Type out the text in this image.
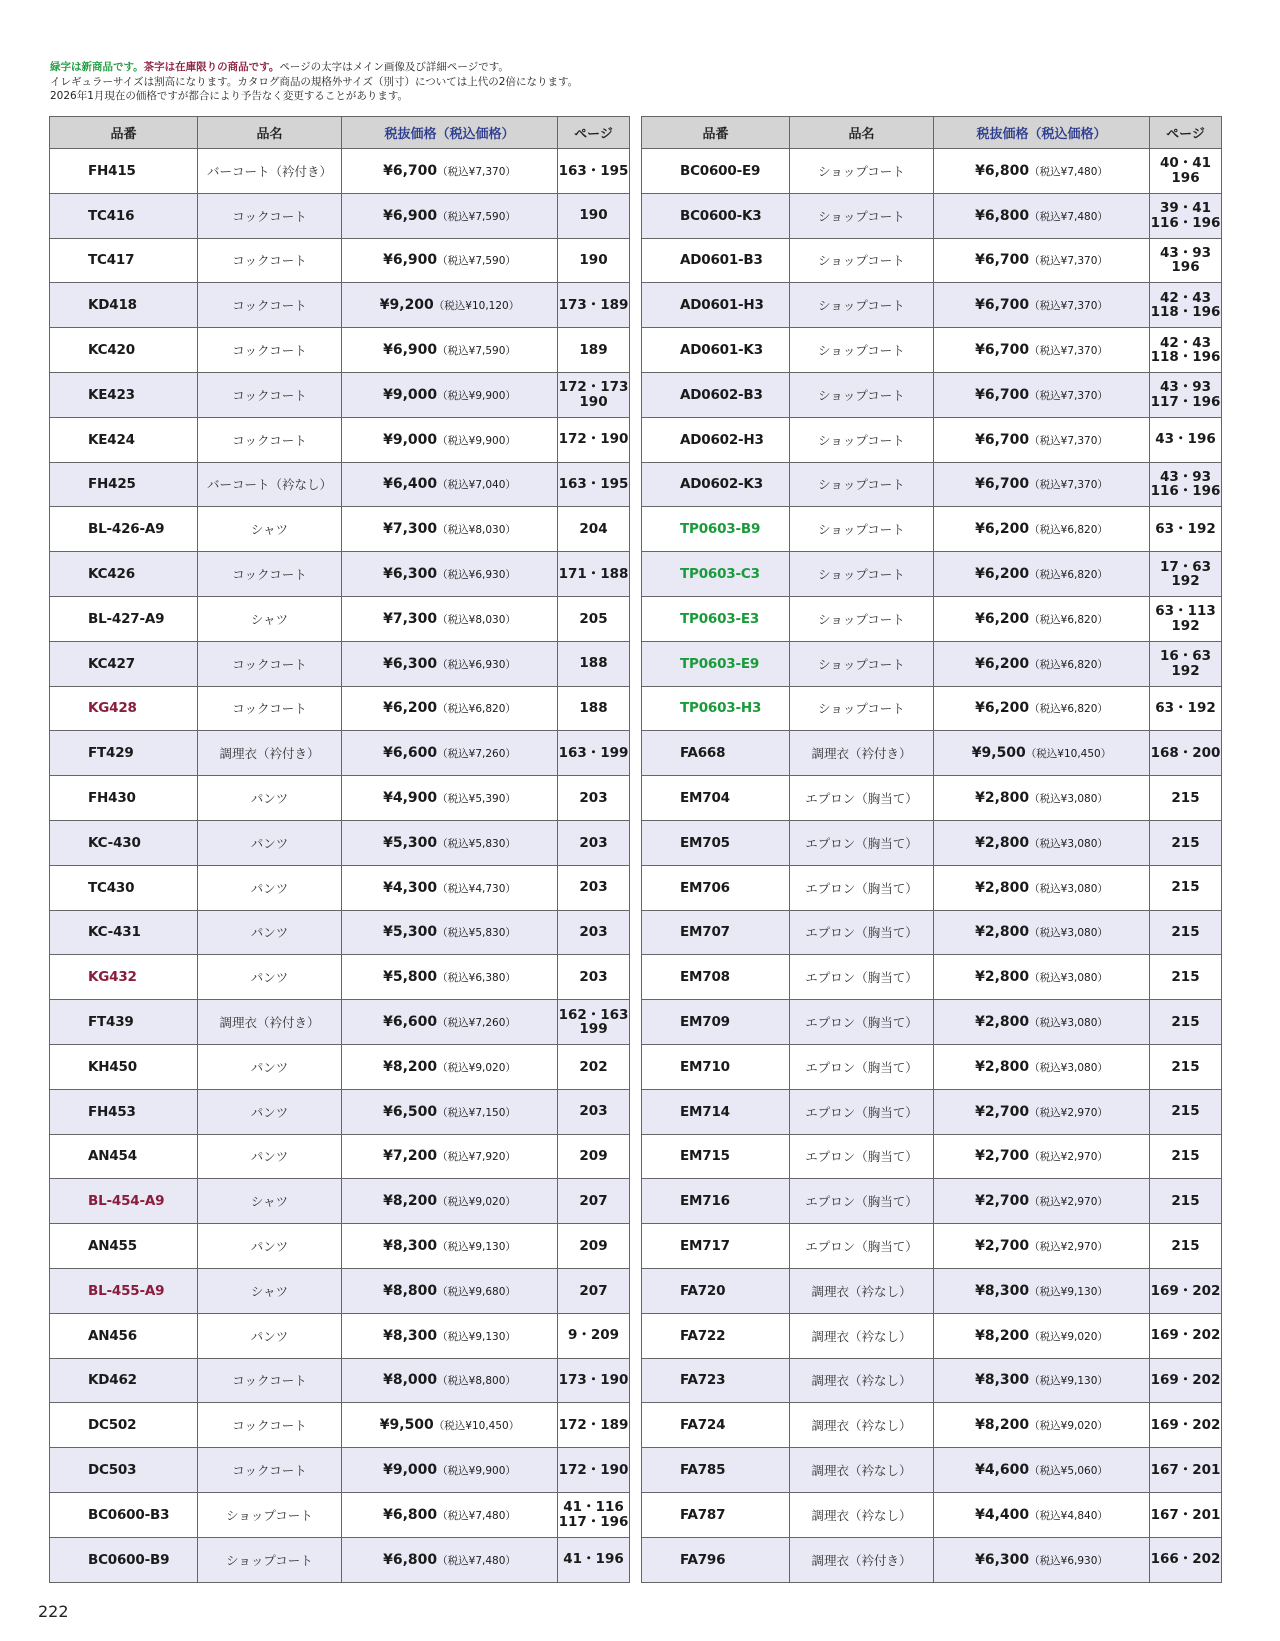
緑字は新商品です。茶字は在庫限りの商品です。ページの太字はメイン画像及び詳細ページです。
イレギュラーサイズは割高になります。カタログ商品の規格外サイズ（別寸）については上代の2倍になります。
2026年1月現在の価格ですが都合により予告なく変更することがあります。
品番	品名	税抜価格（税込価格）	ページ
FH415	バーコート（衿付き）	¥6,700（税込¥7,370）	163・195

TC416	コックコート	¥6,900（税込¥7,590）	190

TC417	コックコート	¥6,900（税込¥7,590）	190

KD418	コックコート	¥9,200（税込¥10,120）	173・189

KC420	コックコート	¥6,900（税込¥7,590）	189

KE423	コックコート	¥9,000（税込¥9,900）	172・173
190

KE424	コックコート	¥9,000（税込¥9,900）	172・190

FH425	バーコート（衿なし）	¥6,400（税込¥7,040）	163・195

BL-426-A9	シャツ	¥7,300（税込¥8,030）	204

KC426	コックコート	¥6,300（税込¥6,930）	171・188

BL-427-A9	シャツ	¥7,300（税込¥8,030）	205

KC427	コックコート	¥6,300（税込¥6,930）	188

KG428	コックコート	¥6,200（税込¥6,820）	188

FT429	調理衣（衿付き）	¥6,600（税込¥7,260）	163・199

FH430	パンツ	¥4,900（税込¥5,390）	203

KC-430	パンツ	¥5,300（税込¥5,830）	203

TC430	パンツ	¥4,300（税込¥4,730）	203

KC-431	パンツ	¥5,300（税込¥5,830）	203

KG432	パンツ	¥5,800（税込¥6,380）	203

FT439	調理衣（衿付き）	¥6,600（税込¥7,260）	162・163
199

KH450	パンツ	¥8,200（税込¥9,020）	202

FH453	パンツ	¥6,500（税込¥7,150）	203

AN454	パンツ	¥7,200（税込¥7,920）	209

BL-454-A9	シャツ	¥8,200（税込¥9,020）	207

AN455	パンツ	¥8,300（税込¥9,130）	209

BL-455-A9	シャツ	¥8,800（税込¥9,680）	207

AN456	パンツ	¥8,300（税込¥9,130）	9・209

KD462	コックコート	¥8,000（税込¥8,800）	173・190

DC502	コックコート	¥9,500（税込¥10,450）	172・189

DC503	コックコート	¥9,000（税込¥9,900）	172・190

BC0600-B3	ショップコート	¥6,800（税込¥7,480）	41・116
117・196

BC0600-B9	ショップコート	¥6,800（税込¥7,480）	41・196
品番	品名	税抜価格（税込価格）	ページ
BC0600-E9	ショップコート	¥6,800（税込¥7,480）	40・41
196

BC0600-K3	ショップコート	¥6,800（税込¥7,480）	39・41
116・196

AD0601-B3	ショップコート	¥6,700（税込¥7,370）	43・93
196

AD0601-H3	ショップコート	¥6,700（税込¥7,370）	42・43
118・196

AD0601-K3	ショップコート	¥6,700（税込¥7,370）	42・43
118・196

AD0602-B3	ショップコート	¥6,700（税込¥7,370）	43・93
117・196

AD0602-H3	ショップコート	¥6,700（税込¥7,370）	43・196

AD0602-K3	ショップコート	¥6,700（税込¥7,370）	43・93
116・196

TP0603-B9	ショップコート	¥6,200（税込¥6,820）	63・192

TP0603-C3	ショップコート	¥6,200（税込¥6,820）	17・63
192

TP0603-E3	ショップコート	¥6,200（税込¥6,820）	63・113
192

TP0603-E9	ショップコート	¥6,200（税込¥6,820）	16・63
192

TP0603-H3	ショップコート	¥6,200（税込¥6,820）	63・192

FA668	調理衣（衿付き）	¥9,500（税込¥10,450）	168・200

EM704	エプロン（胸当て）	¥2,800（税込¥3,080）	215

EM705	エプロン（胸当て）	¥2,800（税込¥3,080）	215

EM706	エプロン（胸当て）	¥2,800（税込¥3,080）	215

EM707	エプロン（胸当て）	¥2,800（税込¥3,080）	215

EM708	エプロン（胸当て）	¥2,800（税込¥3,080）	215

EM709	エプロン（胸当て）	¥2,800（税込¥3,080）	215

EM710	エプロン（胸当て）	¥2,800（税込¥3,080）	215

EM714	エプロン（胸当て）	¥2,700（税込¥2,970）	215

EM715	エプロン（胸当て）	¥2,700（税込¥2,970）	215

EM716	エプロン（胸当て）	¥2,700（税込¥2,970）	215

EM717	エプロン（胸当て）	¥2,700（税込¥2,970）	215

FA720	調理衣（衿なし）	¥8,300（税込¥9,130）	169・202

FA722	調理衣（衿なし）	¥8,200（税込¥9,020）	169・202

FA723	調理衣（衿なし）	¥8,300（税込¥9,130）	169・202

FA724	調理衣（衿なし）	¥8,200（税込¥9,020）	169・202

FA785	調理衣（衿なし）	¥4,600（税込¥5,060）	167・201

FA787	調理衣（衿なし）	¥4,400（税込¥4,840）	167・201

FA796	調理衣（衿付き）	¥6,300（税込¥6,930）	166・202
222
